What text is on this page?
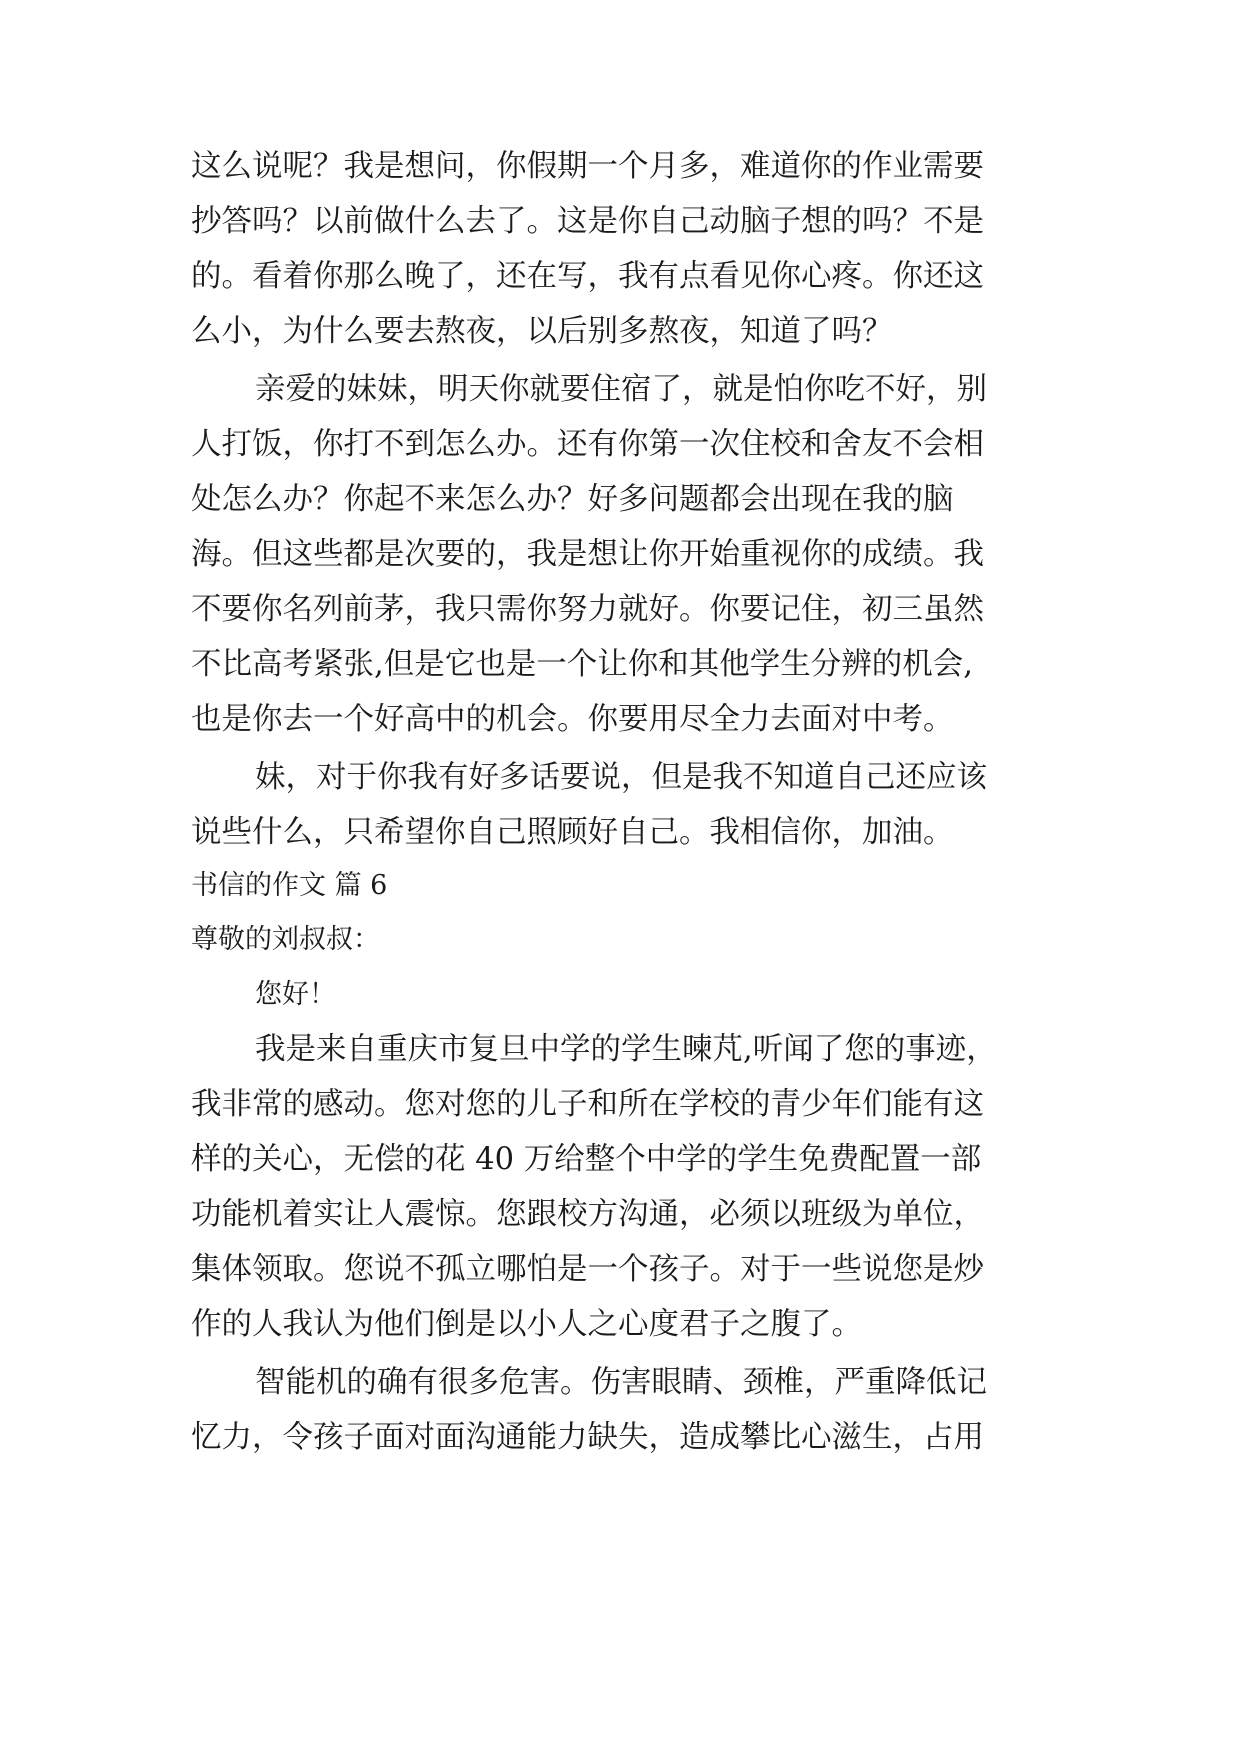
这么说呢？我是想问，你假期一个月多，难道你的作业需要

抄答吗？以前做什么去了。这是你自己动脑子想的吗？不是

的。看着你那么晚了，还在写，我有点看见你心疼。你还这

么小，为什么要去熬夜，以后别多熬夜，知道了吗？

亲爱的妹妹，明天你就要住宿了，就是怕你吃不好，别

人打饭，你打不到怎么办。还有你第一次住校和舍友不会相

处怎么办？你起不来怎么办？好多问题都会出现在我的脑

海。但这些都是次要的，我是想让你开始重视你的成绩。我

不要你名列前茅，我只需你努力就好。你要记住，初三虽然

不比高考紧张,但是它也是一个让你和其他学生分辨的机会,

也是你去一个好高中的机会。你要用尽全力去面对中考。

妹，对于你我有好多话要说，但是我不知道自己还应该

说些什么，只希望你自己照顾好自己。我相信你，加油。

书信的作文 篇 6

尊敬的刘叔叔：

您好！

我是来自重庆市复旦中学的学生暕芃,听闻了您的事迹，

我非常的感动。您对您的儿子和所在学校的青少年们能有这

样的关心，无偿的花 40 万给整个中学的学生免费配置一部

功能机着实让人震惊。您跟校方沟通，必须以班级为单位，

集体领取。您说不孤立哪怕是一个孩子。对于一些说您是炒

作的人我认为他们倒是以小人之心度君子之腹了。

智能机的确有很多危害。伤害眼睛、颈椎，严重降低记

忆力，令孩子面对面沟通能力缺失，造成攀比心滋生，占用
